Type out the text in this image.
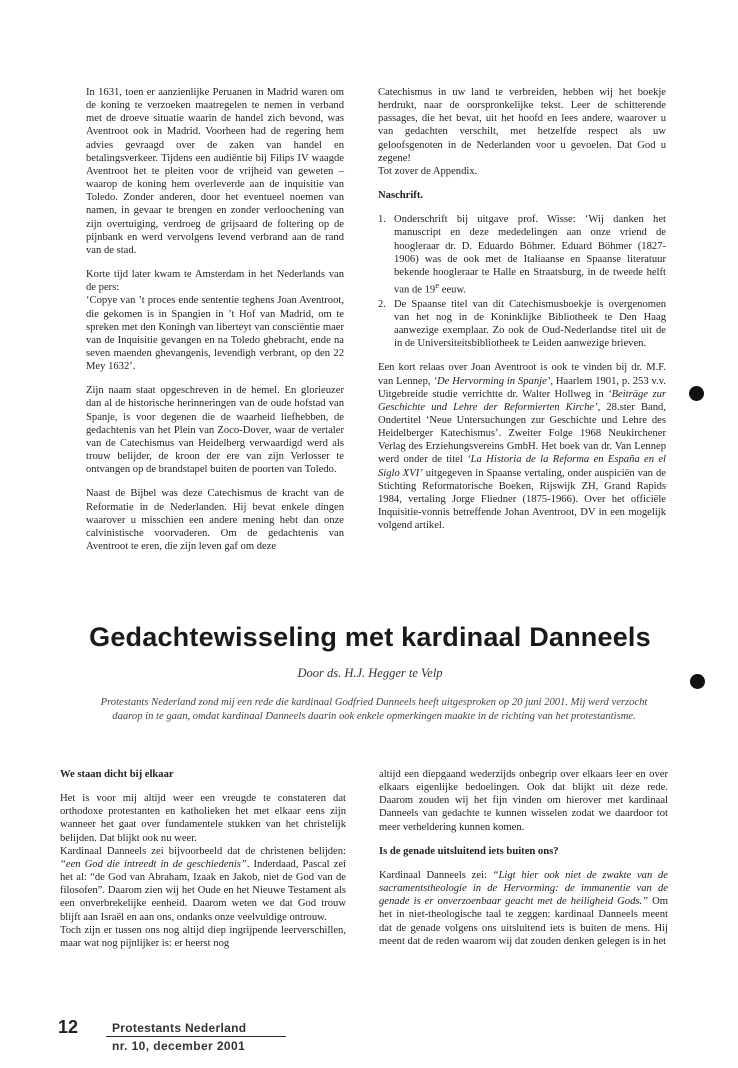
In 1631, toen er aanzienlijke Peruanen in Madrid waren om de koning te verzoeken maatregelen te nemen in verband met de droeve situatie waarin de handel zich bevond, was Aventroot ook in Madrid. Voorheen had de regering hem advies gevraagd over de zaken van handel en betalingsverkeer. Tijdens een audiëntie bij Filips IV waagde Aventroot het te pleiten voor de vrijheid van geweten – waarop de koning hem overleverde aan de inquisitie van Toledo. Zonder anderen, door het eventueel noemen van namen, in gevaar te brengen en zonder verloochening van zijn overtuiging, verdroeg de grijsaard de foltering op de pijnbank en werd vervolgens levend verbrand aan de rand van de stad.

Korte tijd later kwam te Amsterdam in het Nederlands van de pers:
‘Copye van ’t proces ende sententie teghens Joan Aventroot, die gekomen is in Spangien in ’t Hof van Madrid, om te spreken met den Koningh van liberteyt van consciëntie maer van de Inquisitie gevangen en na Toledo ghebracht, ende na seven maenden ghevangenis, levendigh verbrant, op den 22 Mey 1632’.

Zijn naam staat opgeschreven in de hemel. En glorieuzer dan al de historische herinneringen van de oude hofstad van Spanje, is voor degenen die de waarheid liefhebben, de gedachtenis van het Plein van Zoco-Dover, waar de vertaler van de Catechismus van Heidelberg verwaardigd werd als trouw belijder, de kroon der ere van zijn Verlosser te ontvangen op de brandstapel buiten de poorten van Toledo.

Naast de Bijbel was deze Catechismus de kracht van de Reformatie in de Nederlanden. Hij bevat enkele dingen waarover u misschien een andere mening hebt dan onze calvinistische voorvaderen. Om de gedachtenis van Aventroot te eren, die zijn leven gaf om deze

Catechismus in uw land te verbreiden, hebben wij het boekje herdrukt, naar de oorspronkelijke tekst. Leer de schitterende passages, die het bevat, uit het hoofd en lees andere, waarover u van gedachten verschilt, met hetzelfde respect als uw geloofsgenoten in de Nederlanden voor u gevoelen. Dat God u zegene!
Tot zover de Appendix.

Naschrift.

1. Onderschrift bij uitgave prof. Wisse: ‘Wij danken het manuscript en deze mededelingen aan onze vriend de hoogleraar dr. D. Eduardo Böhmer. Eduard Böhmer (1827-1906) was de ook met de Italiaanse en Spaanse literatuur bekende hoogleraar te Halle en Straatsburg, in de tweede helft van de 19e eeuw.
2. De Spaanse titel van dit Catechismusboekje is overgenomen van het nog in de Koninklijke Bibliotheek te Den Haag aanwezige exemplaar. Zo ook de Oud-Nederlandse titel uit de in de Universiteitsbibliotheek te Leiden aanwezige brieven.

Een kort relaas over Joan Aventroot is ook te vinden bij dr. M.F. van Lennep, ‘De Hervorming in Spanje’, Haarlem 1901, p. 253 v.v. Uitgebreide studie verrichtte dr. Walter Hollweg in ‘Beiträge zur Geschichte und Lehre der Reformierten Kirche’, 28.ster Band, Ondertitel ‘Neue Untersuchungen zur Geschichte und Lehre des Heidelberger Katechismus’. Zweiter Folge 1968 Neukirchener Verlag des Erziehungsvereins GmbH. Het boek van dr. Van Lennep werd onder de titel ‘La Historia de la Reforma en España en el Siglo XVI’ uitgegeven in Spaanse vertaling, onder auspiciën van de Stichting Reformatorische Boeken, Rijswijk ZH, Grand Rapids 1984, vertaling Jorge Fliedner (1875-1966). Over het officiële Inquisitie-vonnis betreffende Johan Aventroot, DV in een mogelijk volgend artikel.

Gedachtewisseling met kardinaal Danneels
Door ds. H.J. Hegger te Velp
Protestants Nederland zond mij een rede die kardinaal Godfried Danneels heeft uitgesproken op 20 juni 2001. Mij werd verzocht daarop in te gaan, omdat kardinaal Danneels daarin ook enkele opmerkingen maakte in de richting van het protestantisme.

We staan dicht bij elkaar

Het is voor mij altijd weer een vreugde te constateren dat orthodoxe protestanten en katholieken het met elkaar eens zijn wanneer het gaat over fundamentele stukken van het christelijk belijden. Dat blijkt ook nu weer.
Kardinaal Danneels zei bijvoorbeeld dat de christenen belijden: “een God die intreedt in de geschiedenis”. Inderdaad, Pascal zei het al: “de God van Abraham, Izaak en Jakob, niet de God van de filosofen”. Daarom zien wij het Oude en het Nieuwe Testament als een onverbrekelijke eenheid. Daarom weten we dat God trouw blijft aan Israël en aan ons, ondanks onze veelvuldige ontrouw.
Toch zijn er tussen ons nog altijd diep ingrijpende leerverschillen, maar wat nog pijnlijker is: er heerst nog

altijd een diepgaand wederzijds onbegrip over elkaars leer en over elkaars eigenlijke bedoelingen. Ook dat blijkt uit deze rede. Daarom zouden wij het fijn vinden om hierover met kardinaal Danneels van gedachte te kunnen wisselen zodat we daardoor tot meer verheldering kunnen komen.

Is de genade uitsluitend iets buiten ons?

Kardinaal Danneels zei: “Ligt hier ook niet de zwakte van de sacramentstheologie in de Hervorming: de immanentie van de genade is er onverzoenbaar geacht met de heiligheid Gods.” Om het in niet-theologische taal te zeggen: kardinaal Danneels meent dat de genade volgens ons uitsluitend iets is buiten de mens. Hij meent dat de reden waarom wij dat zouden denken gelegen is in het
12	Protestants Nederland
nr. 10, december 2001
